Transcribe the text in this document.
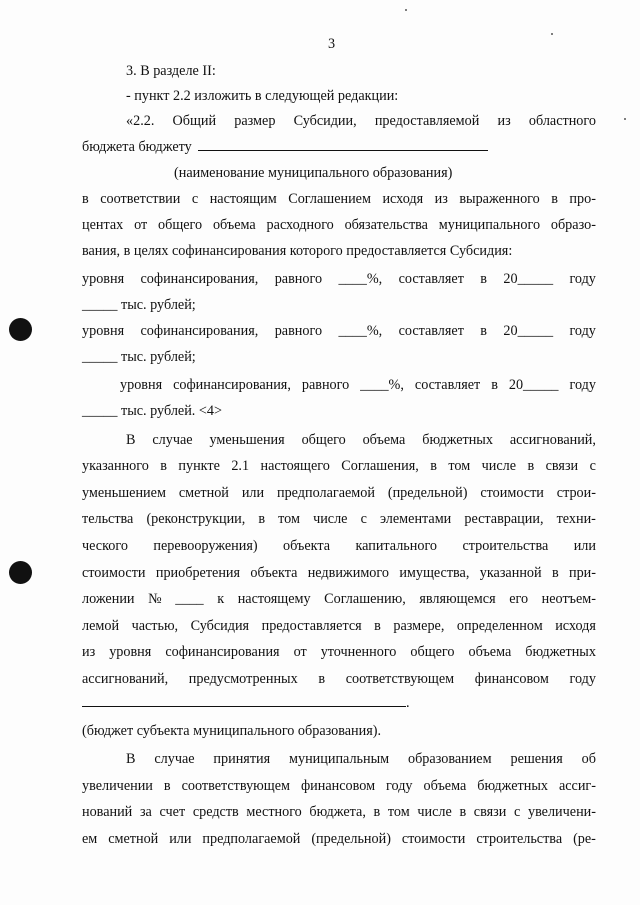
3
3. В разделе II:
- пункт 2.2 изложить в следующей редакции:
«2.2. Общий размер Субсидии, предоставляемой из областного
бюджета бюджету
(наименование муниципального образования)
в соответствии с настоящим Соглашением исходя из выраженного в про-
центах от общего объема расходного обязательства муниципального образо-
вания, в целях софинансирования которого предоставляется Субсидия:
уровня софинансирования, равного ____%, составляет в 20_____ году
_____ тыс. рублей;
уровня софинансирования, равного ____%, составляет в 20_____ году
_____ тыс. рублей;
уровня софинансирования, равного ____%, составляет в 20_____ году
_____ тыс. рублей. <4>
В случае уменьшения общего объема бюджетных ассигнований,
указанного в пункте 2.1 настоящего Соглашения, в том числе в связи с
уменьшением сметной или предполагаемой (предельной) стоимости строи-
тельства (реконструкции, в том числе с элементами реставрации, техни-
ческого перевооружения) объекта капитального строительства или
стоимости приобретения объекта недвижимого имущества, указанной в при-
ложении № ____ к настоящему Соглашению, являющемся его неотъем-
лемой частью, Субсидия предоставляется в размере, определенном исходя
из уровня софинансирования от уточненного общего объема бюджетных
ассигнований, предусмотренных в соответствующем финансовом году
.
(бюджет субъекта муниципального образования).
В случае принятия муниципальным образованием решения об
увеличении в соответствующем финансовом году объема бюджетных ассиг-
нований за счет средств местного бюджета, в том числе в связи с увеличени-
ем сметной или предполагаемой (предельной) стоимости строительства (ре-
